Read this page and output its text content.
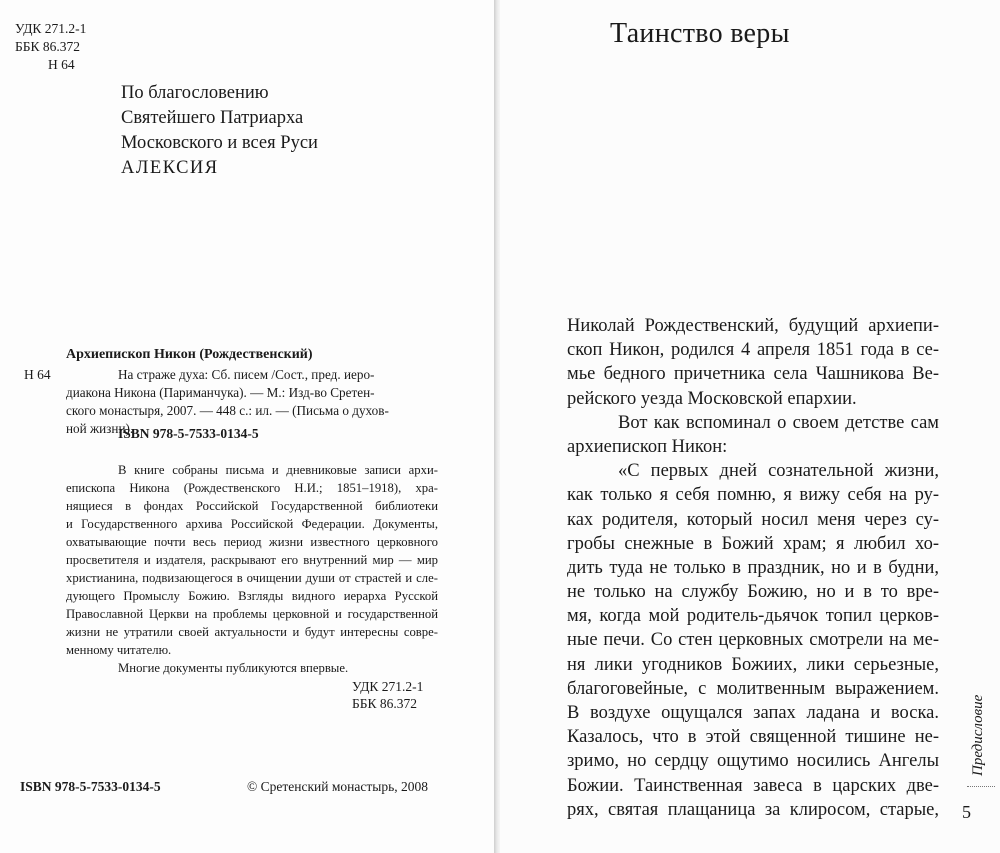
УДК 271.2-1
ББК 86.372
Н 64
По благословению
Святейшего Патриарха
Московского и всея Руси
АЛЕКСИЯ
Архиепископ Никон (Рождественский)
Н 64	На страже духа: Сб. писем /Сост., пред. иеро-
диакона Никона (Париманчука). — М.: Изд-во Сретен-
ского монастыря, 2007. — 448 с.: ил. — (Письма о духов-
ной жизни).
ISBN 978-5-7533-0134-5

В книге собраны письма и дневниковые записи архи-

епископа Никона (Рождественского Н.И.; 1851–1918), хра-

нящиеся в фондах Российской Государственной библиотеки

и Государственного архива Российской Федерации. Документы,

охватывающие почти весь период жизни известного церковного

просветителя и издателя, раскрывают его внутренний мир — мир

христианина, подвизающегося в очищении души от страстей и сле-

дующего Промыслу Божию. Взгляды видного иерарха Русской

Православной Церкви на проблемы церковной и государственной

жизни не утратили своей актуальности и будут интересны совре-

менному читателю.

Многие документы публикуются впервые.

УДК 271.2-1
ББК 86.372
ISBN 978-5-7533-0134-5	© Сретенский монастырь, 2008
Таинство веры
Николай Рождественский, будущий архиепи-
скоп Никон, родился 4 апреля 1851 года в се-
мье бедного причетника села Чашникова Ве-
рейского уезда Московской епархии.
Вот как вспоминал о своем детстве сам
архиепископ Никон:
«С первых дней сознательной жизни,
как только я себя помню, я вижу себя на ру-
ках родителя, который носил меня через су-
гробы снежные в Божий храм; я любил хо-
дить туда не только в праздник, но и в будни,
не только на службу Божию, но и в то вре-
мя, когда мой родитель-дьячок топил церков-
ные печи. Со стен церковных смотрели на ме-
ня лики угодников Божиих, лики серьезные,
благоговейные, с молитвенным выражением.
В воздухе ощущался запах ладана и воска.
Казалось, что в этой священной тишине не-
зримо, но сердцу ощутимо носились Ангелы
Божии. Таинственная завеса в царских две-
рях, святая плащаница за клиросом, старые,
Предисловие
5
